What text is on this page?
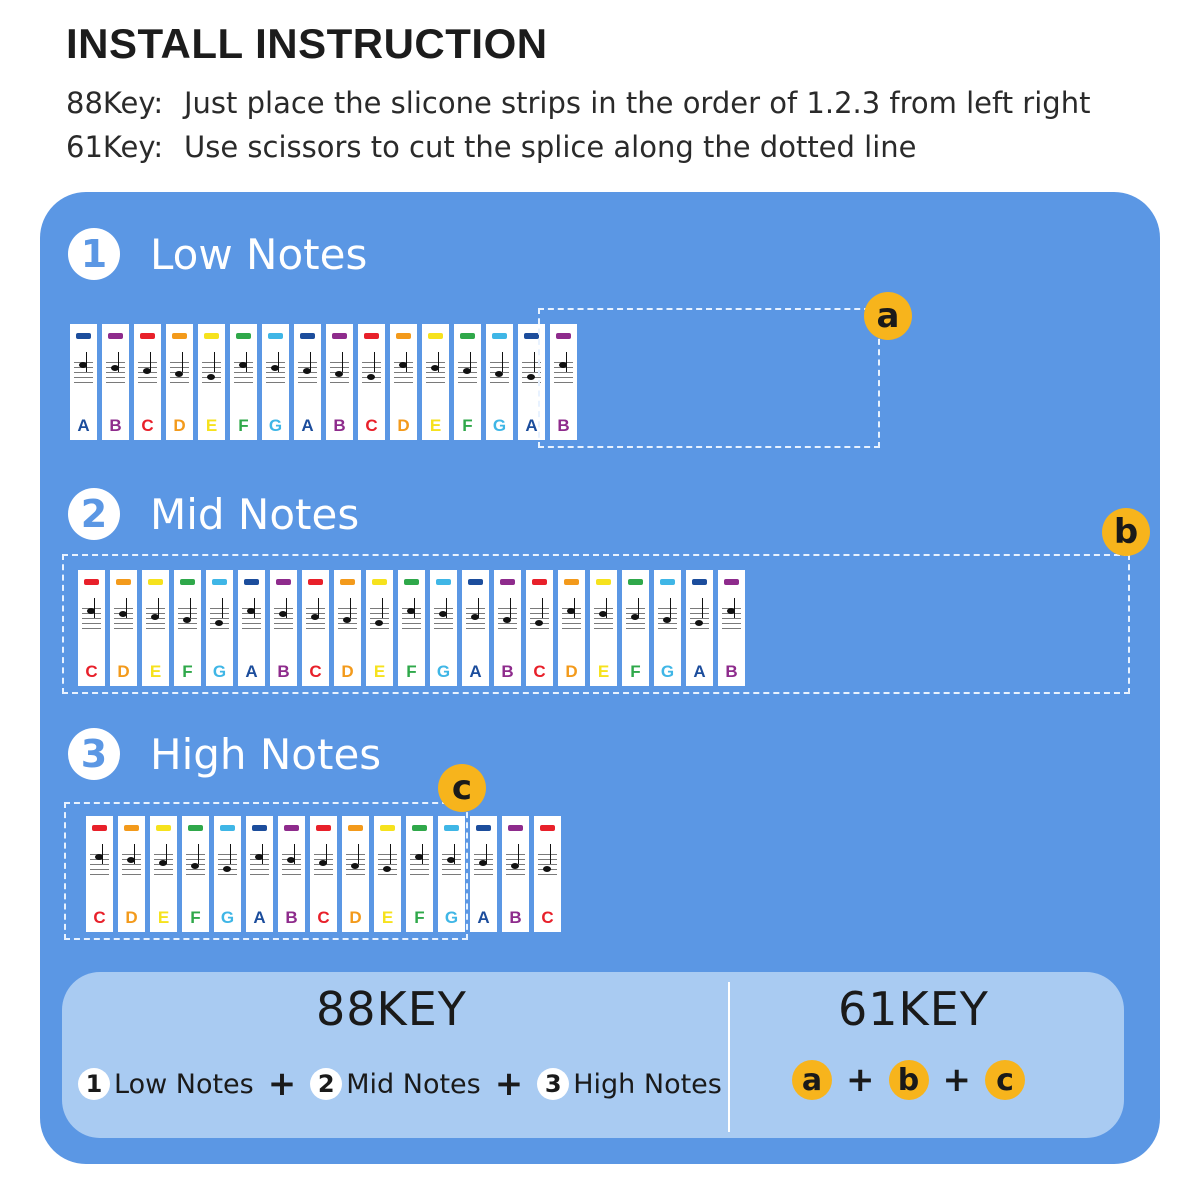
INSTALL INSTRUCTION
88Key: Just place the slicone strips in the order of 1.2.3 from left right
61Key: Use scissors to cut the splice along the dotted line
1	Low Notes
A	B	C	D	E	F	G	A	B	C	D	E	F	G	A	B
a
2	Mid Notes
C	D	E	F	G	A	B	C	D	E	F	G	A	B	C	D	E	F	G	A	B
b
3	High Notes
C	D	E	F	G	A	B	C	D	E	F	G	A	B	C
c
88KEY
1 Low Notes + 2 Mid Notes + 3 High Notes
61KEY
a + b + c
